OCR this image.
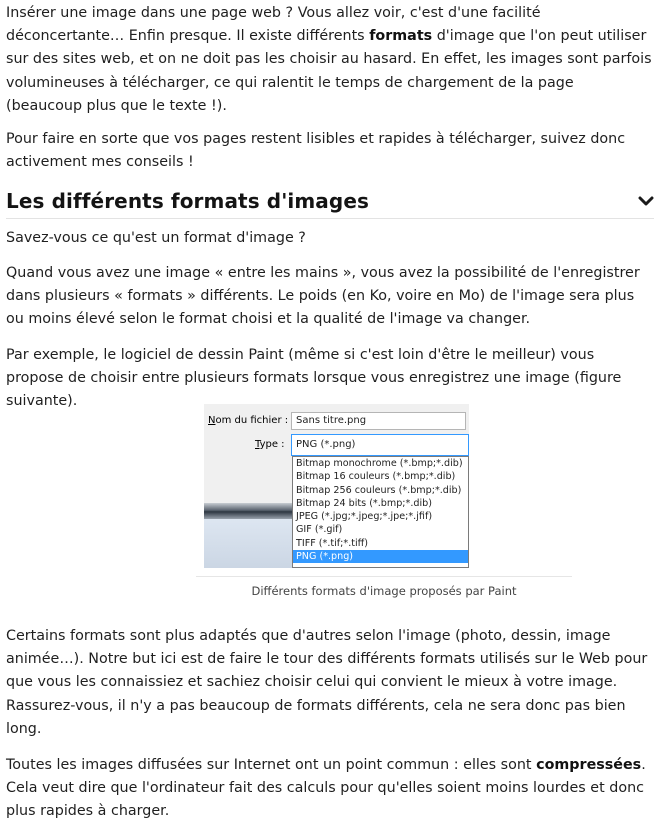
Insérer une image dans une page web ? Vous allez voir, c'est d'une facilité déconcertante… Enfin presque. Il existe différents formats d'image que l'on peut utiliser sur des sites web, et on ne doit pas les choisir au hasard. En effet, les images sont parfois volumineuses à télécharger, ce qui ralentit le temps de chargement de la page (beaucoup plus que le texte !).

Pour faire en sorte que vos pages restent lisibles et rapides à télécharger, suivez donc activement mes conseils !

Les différents formats d'images

Savez-vous ce qu'est un format d'image ?

Quand vous avez une image « entre les mains », vous avez la possibilité de l'enregistrer dans plusieurs « formats » différents. Le poids (en Ko, voire en Mo) de l'image sera plus ou moins élevé selon le format choisi et la qualité de l'image va changer.

Par exemple, le logiciel de dessin Paint (même si c'est loin d'être le meilleur) vous propose de choisir entre plusieurs formats lorsque vous enregistrez une image (figure suivante).

Nom du fichier : Sans titre.png
Type :	PNG (*.png)
Bitmap monochrome (*.bmp;*.dib)
Bitmap 16 couleurs (*.bmp;*.dib)
Bitmap 256 couleurs (*.bmp;*.dib)
Bitmap 24 bits (*.bmp;*.dib)
JPEG (*.jpg;*.jpeg;*.jpe;*.jfif)
GIF (*.gif)
TIFF (*.tif;*.tiff)
PNG (*.png)
Différents formats d'image proposés par Paint

Certains formats sont plus adaptés que d'autres selon l'image (photo, dessin, image animée…). Notre but ici est de faire le tour des différents formats utilisés sur le Web pour que vous les connaissiez et sachiez choisir celui qui convient le mieux à votre image. Rassurez-vous, il n'y a pas beaucoup de formats différents, cela ne sera donc pas bien long.

Toutes les images diffusées sur Internet ont un point commun : elles sont compressées. Cela veut dire que l'ordinateur fait des calculs pour qu'elles soient moins lourdes et donc plus rapides à charger.
